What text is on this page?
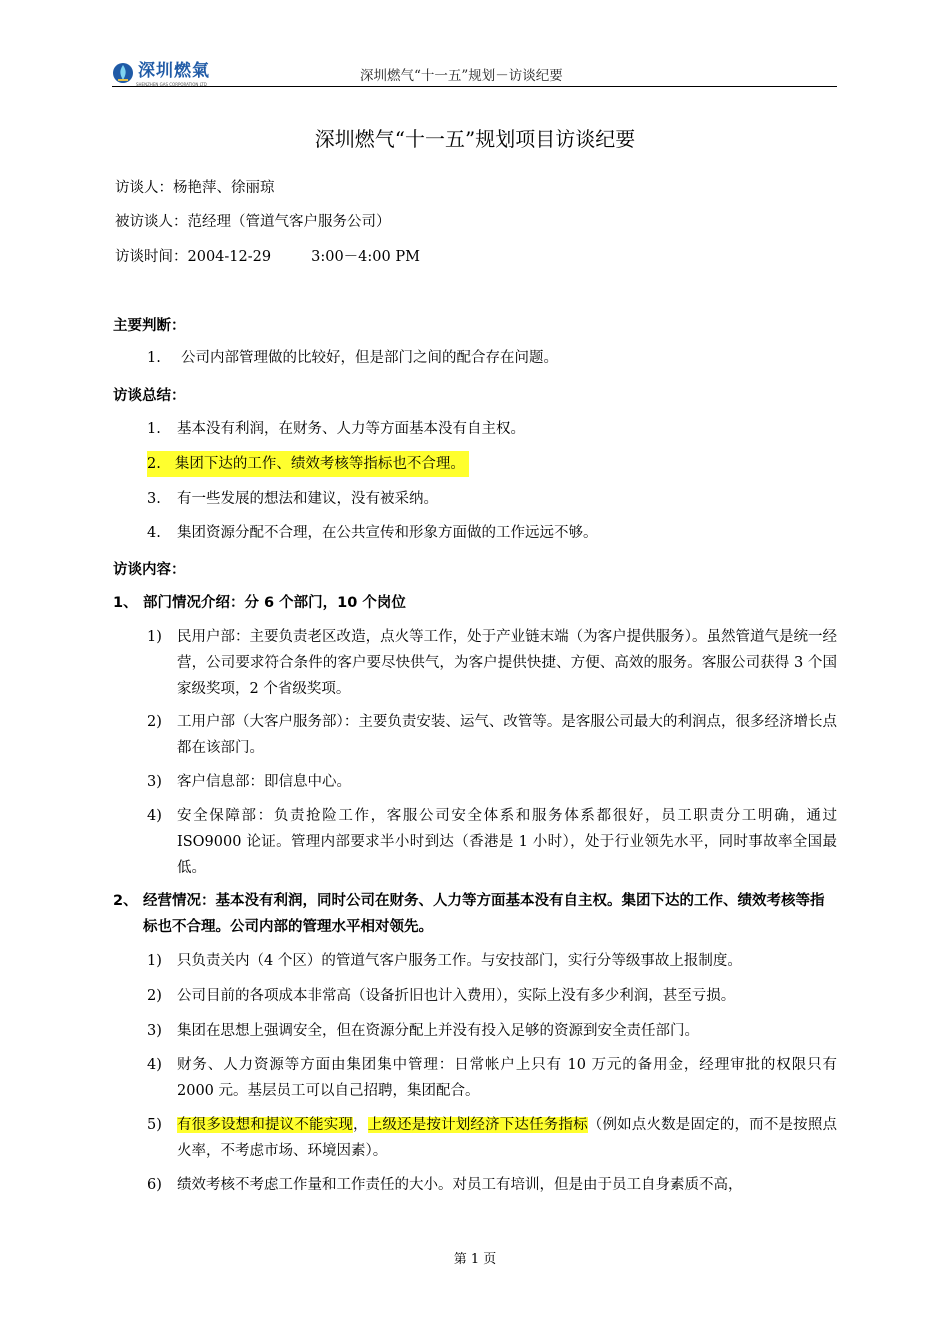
深圳燃氣
SHENZHEN GAS CORPORATION LTD
深圳燃气“十一五”规划－访谈纪要
深圳燃气“十一五”规划项目访谈纪要
访谈人：杨艳萍、徐丽琼
被访谈人：范经理（管道气客户服务公司）
访谈时间：2004-12-29	3:00－4:00 PM
主要判断：
1. 公司内部管理做的比较好，但是部门之间的配合存在问题。
访谈总结：
1. 基本没有利润，在财务、人力等方面基本没有自主权。
2. 集团下达的工作、绩效考核等指标也不合理。
3. 有一些发展的想法和建议，没有被采纳。
4. 集团资源分配不合理，在公共宣传和形象方面做的工作远远不够。
访谈内容：
1、 部门情况介绍：分 6 个部门，10 个岗位
1) 民用户部：主要负责老区改造，点火等工作，处于产业链末端（为客户提供服务）。虽然管道气是统一经营，公司要求符合条件的客户要尽快供气，为客户提供快捷、方便、高效的服务。客服公司获得 3 个国家级奖项，2 个省级奖项。
2) 工用户部（大客户服务部）：主要负责安装、运气、改管等。是客服公司最大的利润点，很多经济增长点都在该部门。
3) 客户信息部：即信息中心。
4) 安全保障部：负责抢险工作，客服公司安全体系和服务体系都很好，员工职责分工明确，通过 ISO9000 论证。管理内部要求半小时到达（香港是 1 小时），处于行业领先水平，同时事故率全国最低。
2、 经营情况：基本没有利润，同时公司在财务、人力等方面基本没有自主权。集团下达的工作、绩效考核等指标也不合理。公司内部的管理水平相对领先。
1) 只负责关内（4 个区）的管道气客户服务工作。与安技部门，实行分等级事故上报制度。
2) 公司目前的各项成本非常高（设备折旧也计入费用），实际上没有多少利润，甚至亏损。
3) 集团在思想上强调安全，但在资源分配上并没有投入足够的资源到安全责任部门。
4) 财务、人力资源等方面由集团集中管理：日常帐户上只有 10 万元的备用金，经理审批的权限只有 2000 元。基层员工可以自己招聘，集团配合。
5) 有很多设想和提议不能实现，上级还是按计划经济下达任务指标（例如点火数是固定的，而不是按照点火率，不考虑市场、环境因素）。
6) 绩效考核不考虑工作量和工作责任的大小。对员工有培训，但是由于员工自身素质不高，
第 1 页
